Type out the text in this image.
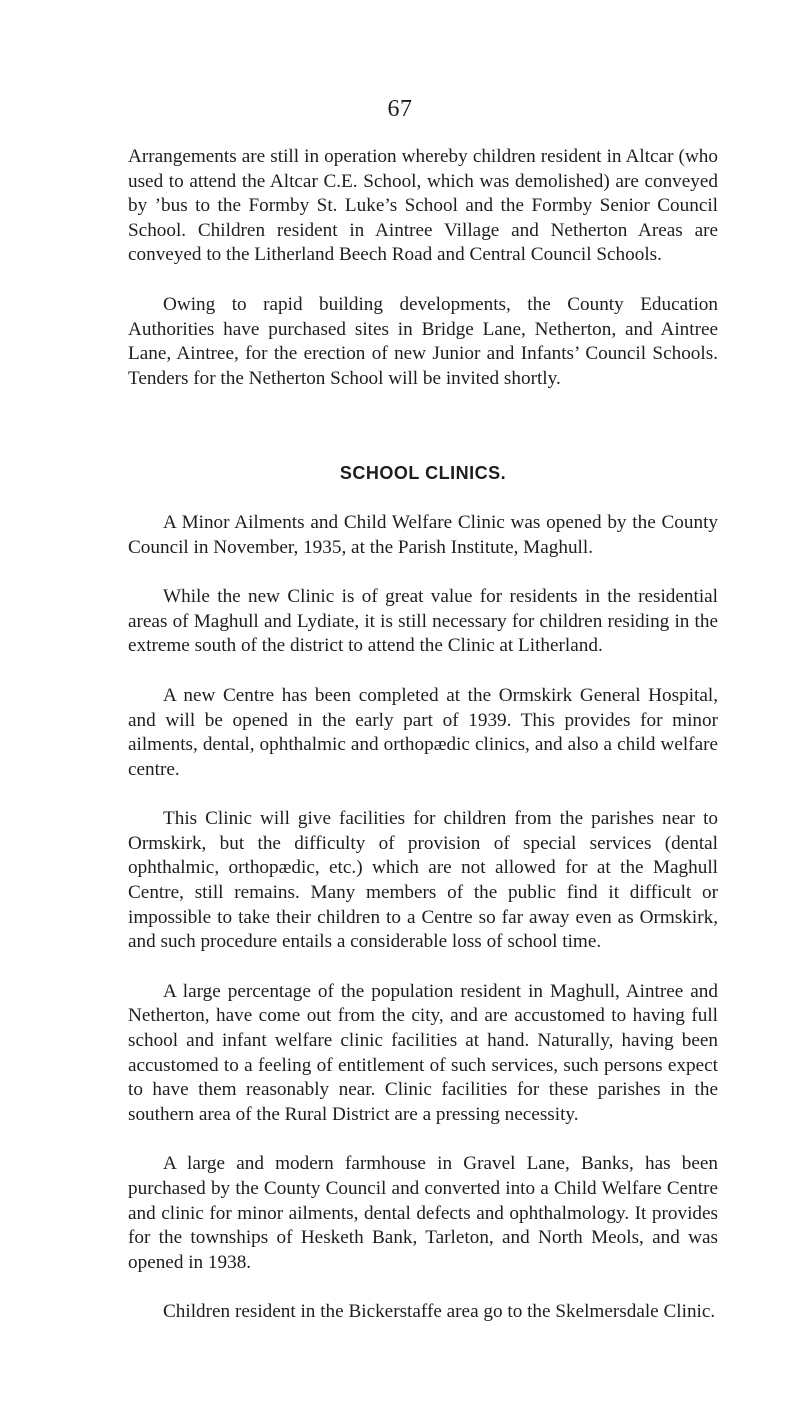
67

Arrangements are still in operation whereby children resident in Altcar (who used to attend the Altcar C.E. School, which was demolished) are conveyed by ’bus to the Formby St. Luke’s School and the Formby Senior Council School. Children resident in Aintree Village and Netherton Areas are conveyed to the Litherland Beech Road and Central Council Schools.

Owing to rapid building developments, the County Education Authorities have purchased sites in Bridge Lane, Netherton, and Aintree Lane, Aintree, for the erection of new Junior and Infants’ Council Schools. Tenders for the Netherton School will be invited shortly.

SCHOOL CLINICS.

A Minor Ailments and Child Welfare Clinic was opened by the County Council in November, 1935, at the Parish Institute, Maghull.

While the new Clinic is of great value for residents in the residential areas of Maghull and Lydiate, it is still necessary for children residing in the extreme south of the district to attend the Clinic at Litherland.

A new Centre has been completed at the Ormskirk General Hospital, and will be opened in the early part of 1939. This provides for minor ailments, dental, ophthalmic and orthopædic clinics, and also a child welfare centre.

This Clinic will give facilities for children from the parishes near to Ormskirk, but the difficulty of provision of special services (dental ophthalmic, orthopædic, etc.) which are not allowed for at the Maghull Centre, still remains. Many members of the public find it difficult or impossible to take their children to a Centre so far away even as Ormskirk, and such procedure entails a considerable loss of school time.

A large percentage of the population resident in Maghull, Aintree and Netherton, have come out from the city, and are accustomed to having full school and infant welfare clinic facilities at hand. Naturally, having been accustomed to a feeling of entitlement of such services, such persons expect to have them reasonably near. Clinic facilities for these parishes in the southern area of the Rural District are a pressing necessity.

A large and modern farmhouse in Gravel Lane, Banks, has been purchased by the County Council and converted into a Child Welfare Centre and clinic for minor ailments, dental defects and ophthalmology. It provides for the townships of Hesketh Bank, Tarleton, and North Meols, and was opened in 1938.

Children resident in the Bickerstaffe area go to the Skelmersdale Clinic.
